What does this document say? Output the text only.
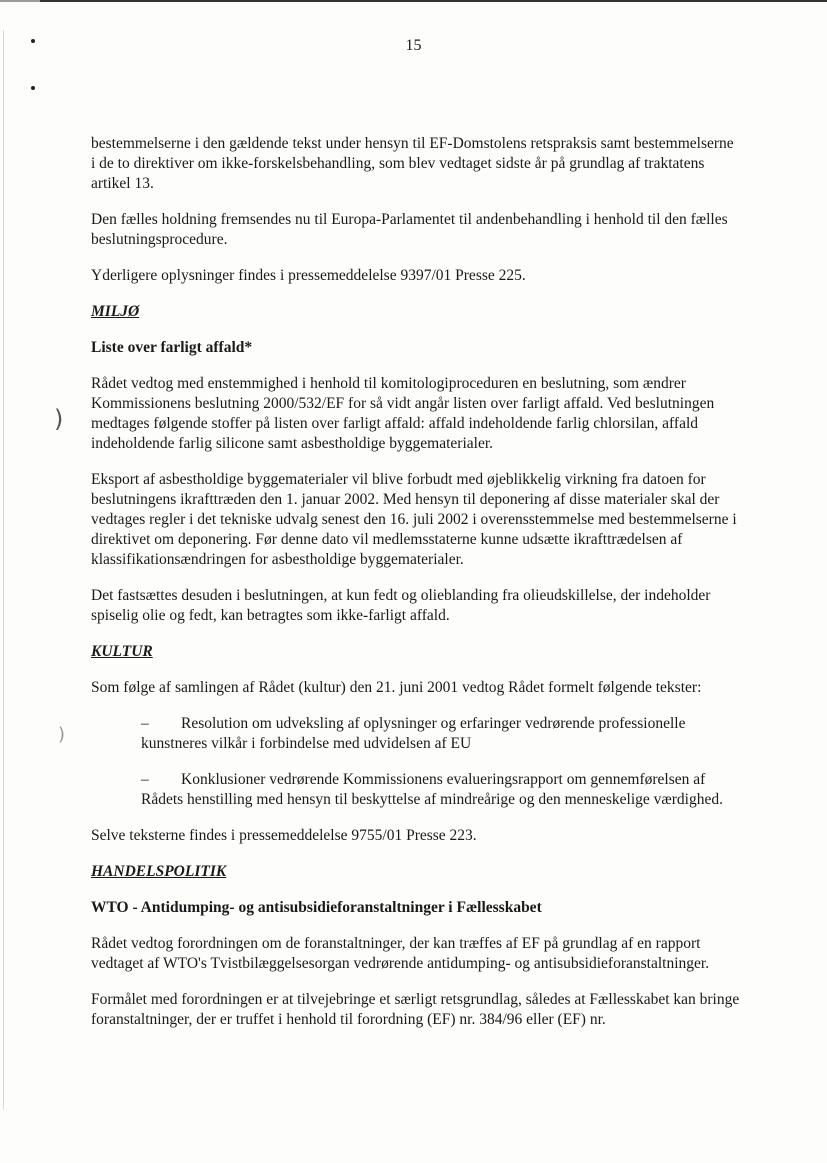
)
)
15

bestemmelserne i den gældende tekst under hensyn til EF-Domstolens retspraksis samt bestemmelserne i de to direktiver om ikke-forskelsbehandling, som blev vedtaget sidste år på grundlag af traktatens artikel 13.

Den fælles holdning fremsendes nu til Europa-Parlamentet til andenbehandling i henhold til den fælles beslutningsprocedure.

Yderligere oplysninger findes i pressemeddelelse 9397/01 Presse 225.

MILJØ
Liste over farligt affald*

Rådet vedtog med enstemmighed i henhold til komitologiproceduren en beslutning, som ændrer Kommissionens beslutning 2000/532/EF for så vidt angår listen over farligt affald. Ved beslutningen medtages følgende stoffer på listen over farligt affald: affald indeholdende farlig chlorsilan, affald indeholdende farlig silicone samt asbestholdige byggematerialer.

Eksport af asbestholdige byggematerialer vil blive forbudt med øjeblikkelig virkning fra datoen for beslutningens ikrafttræden den 1. januar 2002. Med hensyn til deponering af disse materialer skal der vedtages regler i det tekniske udvalg senest den 16. juli 2002 i overensstemmelse med bestemmelserne i direktivet om deponering. Før denne dato vil medlemsstaterne kunne udsætte ikrafttrædelsen af klassifikationsændringen for asbestholdige byggematerialer.

Det fastsættes desuden i beslutningen, at kun fedt og olieblanding fra olieudskillelse, der indeholder spiselig olie og fedt, kan betragtes som ikke-farligt affald.

KULTUR

Som følge af samlingen af Rådet (kultur) den 21. juni 2001 vedtog Rådet formelt følgende tekster:

– Resolution om udveksling af oplysninger og erfaringer vedrørende professionelle kunstneres vilkår i forbindelse med udvidelsen af EU
– Konklusioner vedrørende Kommissionens evalueringsrapport om gennemførelsen af Rådets henstilling med hensyn til beskyttelse af mindreårige og den menneskelige værdighed.

Selve teksterne findes i pressemeddelelse 9755/01 Presse 223.

HANDELSPOLITIK
WTO - Antidumping- og antisubsidieforanstaltninger i Fællesskabet

Rådet vedtog forordningen om de foranstaltninger, der kan træffes af EF på grundlag af en rapport vedtaget af WTO's Tvistbilæggelsesorgan vedrørende antidumping- og antisubsidieforanstaltninger.

Formålet med forordningen er at tilvejebringe et særligt retsgrundlag, således at Fællesskabet kan bringe foranstaltninger, der er truffet i henhold til forordning (EF) nr. 384/96 eller (EF) nr.
